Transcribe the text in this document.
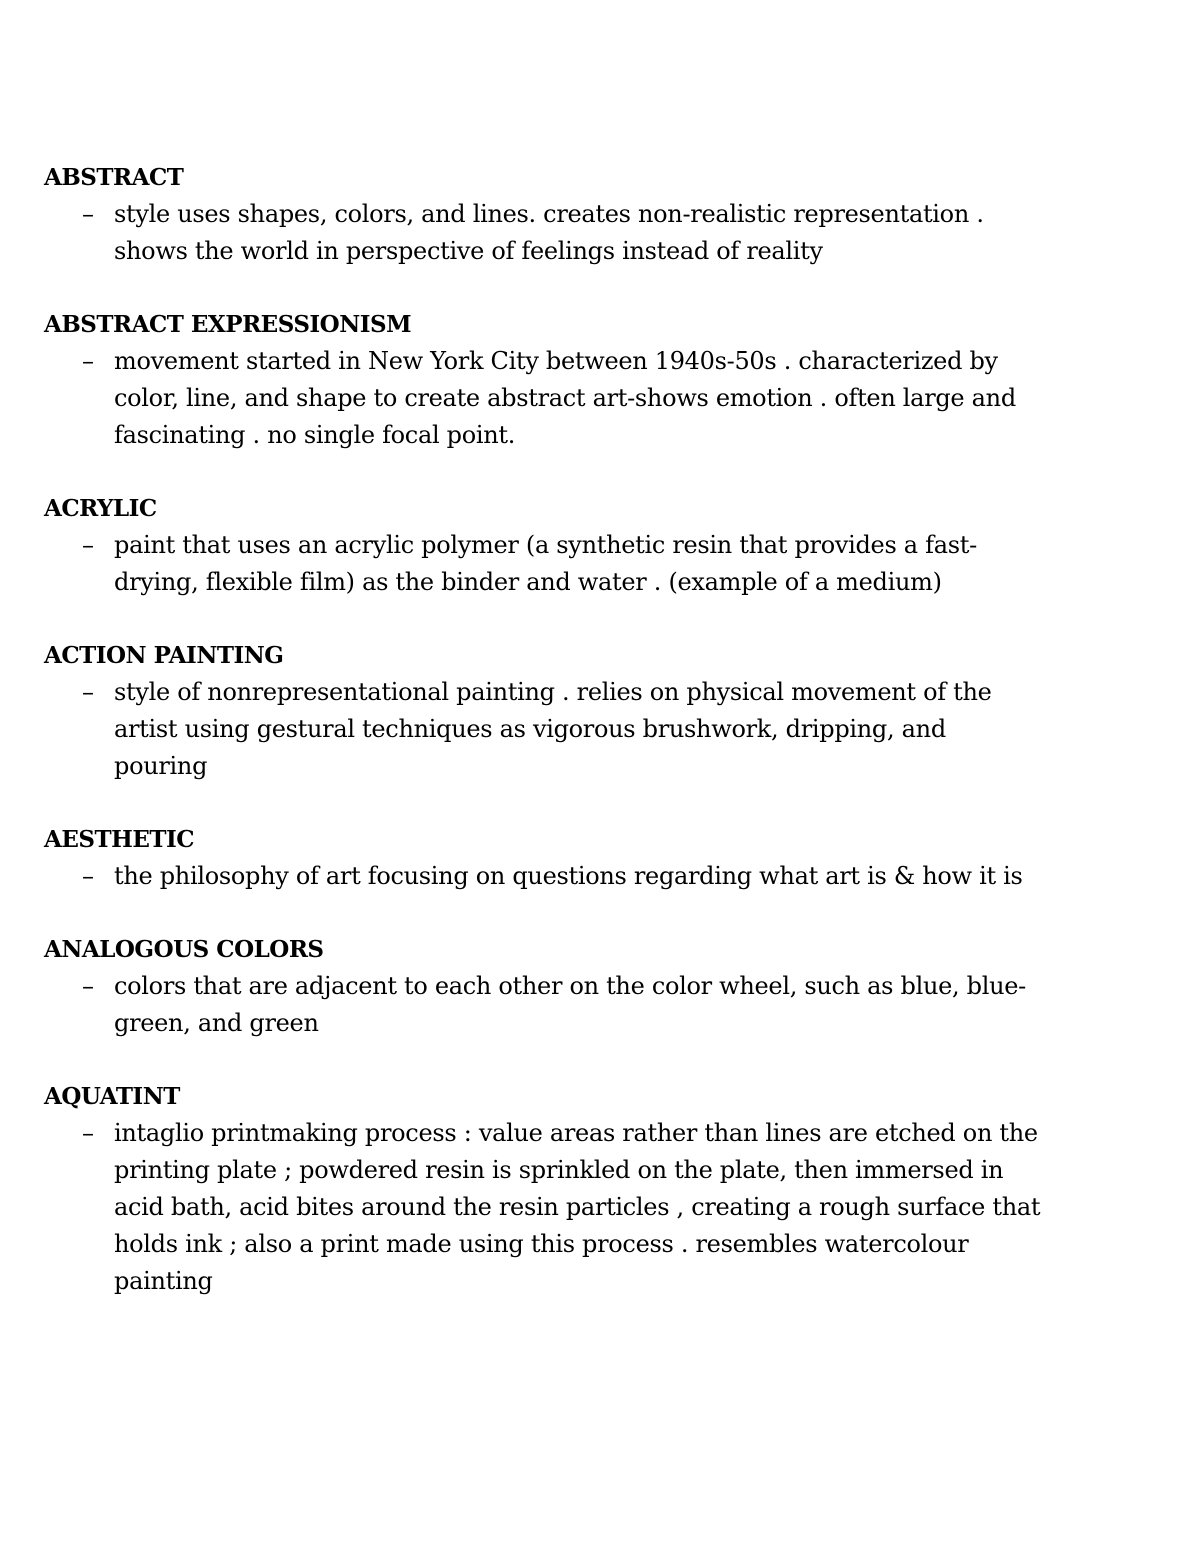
ABSTRACT
– style uses shapes, colors, and lines. creates non-realistic representation . shows the world in perspective of feelings instead of reality
ABSTRACT EXPRESSIONISM
– movement started in New York City between 1940s-50s . characterized by color, line, and shape to create abstract art-shows emotion . often large and fascinating . no single focal point.
ACRYLIC
– paint that uses an acrylic polymer (a synthetic resin that provides a fast-drying, flexible film) as the binder and water . (example of a medium)
ACTION PAINTING
– style of nonrepresentational painting . relies on physical movement of the artist using gestural techniques as vigorous brushwork, dripping, and pouring
AESTHETIC
– the philosophy of art focusing on questions regarding what art is & how it is
ANALOGOUS COLORS
– colors that are adjacent to each other on the color wheel, such as blue, blue-green, and green
AQUATINT
– intaglio printmaking process : value areas rather than lines are etched on the printing plate ; powdered resin is sprinkled on the plate, then immersed in acid bath, acid bites around the resin particles , creating a rough surface that holds ink ; also a print made using this process . resembles watercolour painting
